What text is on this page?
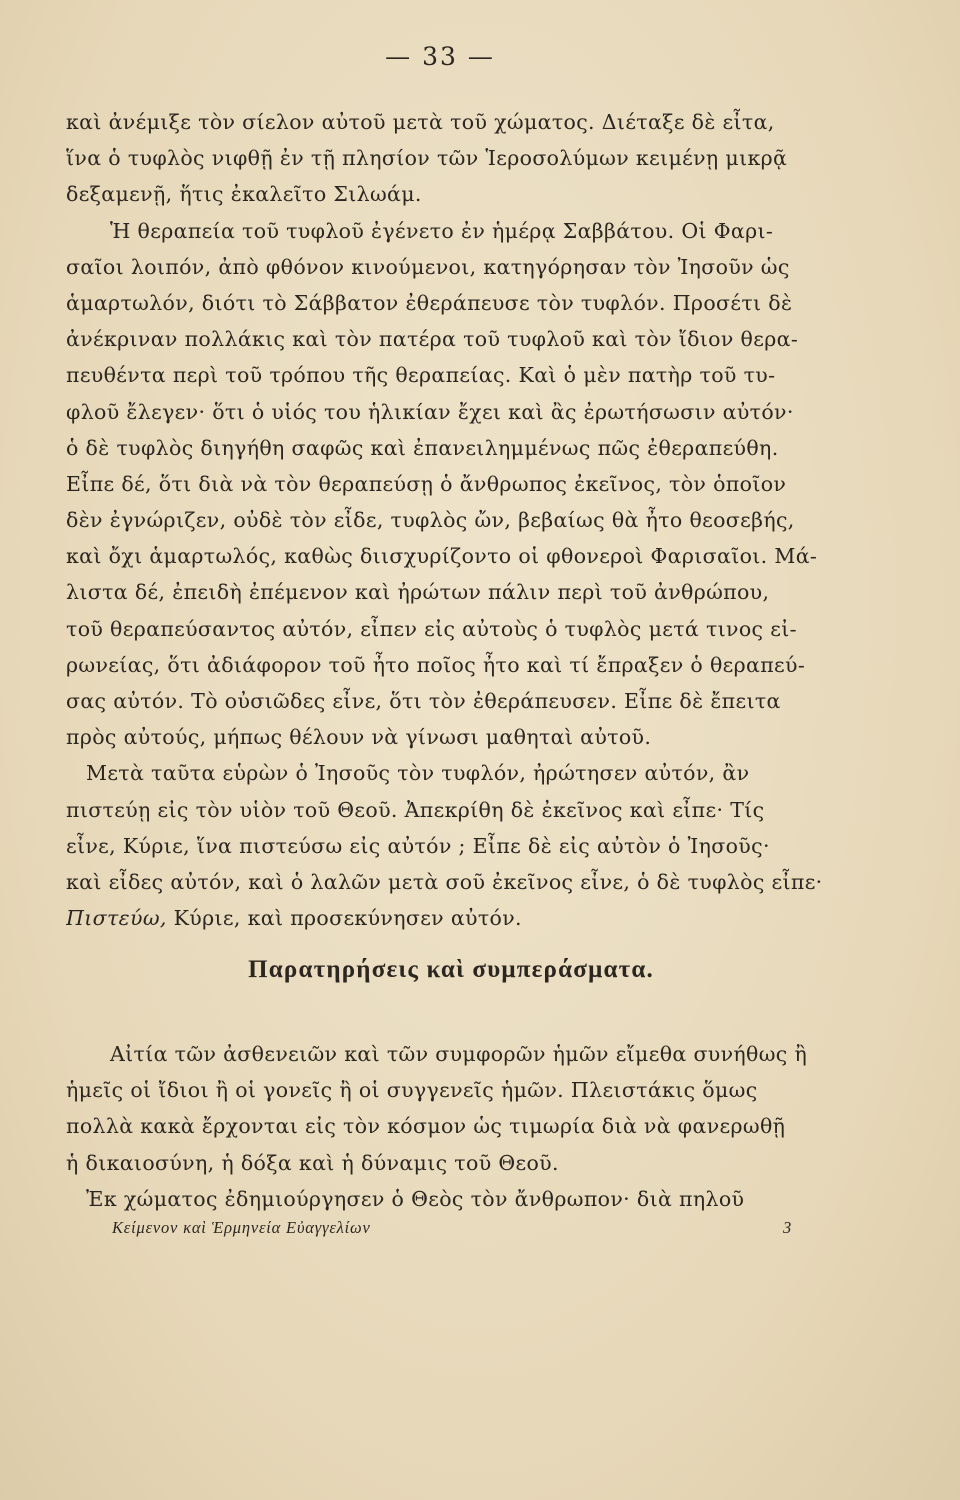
— 33 —
καὶ ἀνέμιξε τὸν σίελον αὐτοῦ μετὰ τοῦ χώματος. Διέταξε δὲ εἶτα,
ἵνα ὁ τυφλὸς νιφθῇ ἐν τῇ πλησίον τῶν Ἱεροσολύμων κειμένῃ μικρᾷ
δεξαμενῇ, ἥτις ἐκαλεῖτο Σιλωάμ.
Ἡ θεραπεία τοῦ τυφλοῦ ἐγένετο ἐν ἡμέρᾳ Σαββάτου. Οἱ Φαρι-
σαῖοι λοιπόν, ἀπὸ φθόνον κινούμενοι, κατηγόρησαν τὸν Ἰησοῦν ὡς
ἁμαρτωλόν, διότι τὸ Σάββατον ἐθεράπευσε τὸν τυφλόν. Προσέτι δὲ
ἀνέκριναν πολλάκις καὶ τὸν πατέρα τοῦ τυφλοῦ καὶ τὸν ἴδιον θερα-
πευθέντα περὶ τοῦ τρόπου τῆς θεραπείας. Καὶ ὁ μὲν πατὴρ τοῦ τυ-
φλοῦ ἔλεγεν· ὅτι ὁ υἱός του ἡλικίαν ἔχει καὶ ἂς ἐρωτήσωσιν αὐτόν·
ὁ δὲ τυφλὸς διηγήθη σαφῶς καὶ ἐπανειλημμένως πῶς ἐθεραπεύθη.
Εἶπε δέ, ὅτι διὰ νὰ τὸν θεραπεύσῃ ὁ ἄνθρωπος ἐκεῖνος, τὸν ὁποῖον
δὲν ἐγνώριζεν, οὐδὲ τὸν εἶδε, τυφλὸς ὤν, βεβαίως θὰ ἦτο θεοσεβής,
καὶ ὄχι ἁμαρτωλός, καθὼς διισχυρίζοντο οἱ φθονεροὶ Φαρισαῖοι. Μά-
λιστα δέ, ἐπειδὴ ἐπέμενον καὶ ἠρώτων πάλιν περὶ τοῦ ἀνθρώπου,
τοῦ θεραπεύσαντος αὐτόν, εἶπεν εἰς αὐτοὺς ὁ τυφλὸς μετά τινος εἰ-
ρωνείας, ὅτι ἀδιάφορον τοῦ ἦτο ποῖος ἦτο καὶ τί ἔπραξεν ὁ θεραπεύ-
σας αὐτόν. Τὸ οὐσιῶδες εἶνε, ὅτι τὸν ἐθεράπευσεν. Εἶπε δὲ ἔπειτα
πρὸς αὐτούς, μήπως θέλουν νὰ γίνωσι μαθηταὶ αὐτοῦ.
Μετὰ ταῦτα εὑρὼν ὁ Ἰησοῦς τὸν τυφλόν, ἠρώτησεν αὐτόν, ἂν
πιστεύῃ εἰς τὸν υἱὸν τοῦ Θεοῦ. Ἀπεκρίθη δὲ ἐκεῖνος καὶ εἶπε· Τίς
εἶνε, Κύριε, ἵνα πιστεύσω εἰς αὐτόν ; Εἶπε δὲ εἰς αὐτὸν ὁ Ἰησοῦς·
καὶ εἶδες αὐτόν, καὶ ὁ λαλῶν μετὰ σοῦ ἐκεῖνος εἶνε, ὁ δὲ τυφλὸς εἶπε·
Πιστεύω, Κύριε, καὶ προσεκύνησεν αὐτόν.
Παρατηρήσεις καὶ συμπεράσματα.
Αἰτία τῶν ἀσθενειῶν καὶ τῶν συμφορῶν ἡμῶν εἴμεθα συνήθως ἢ
ἡμεῖς οἱ ἴδιοι ἢ οἱ γονεῖς ἢ οἱ συγγενεῖς ἡμῶν. Πλειστάκις ὅμως
πολλὰ κακὰ ἔρχονται εἰς τὸν κόσμον ὡς τιμωρία διὰ νὰ φανερωθῇ
ἡ δικαιοσύνη, ἡ δόξα καὶ ἡ δύναμις τοῦ Θεοῦ.
Ἐκ χώματος ἐδημιούργησεν ὁ Θεὸς τὸν ἄνθρωπον· διὰ πηλοῦ
Κείμενον καὶ Ἑρμηνεία Εὐαγγελίων	3
